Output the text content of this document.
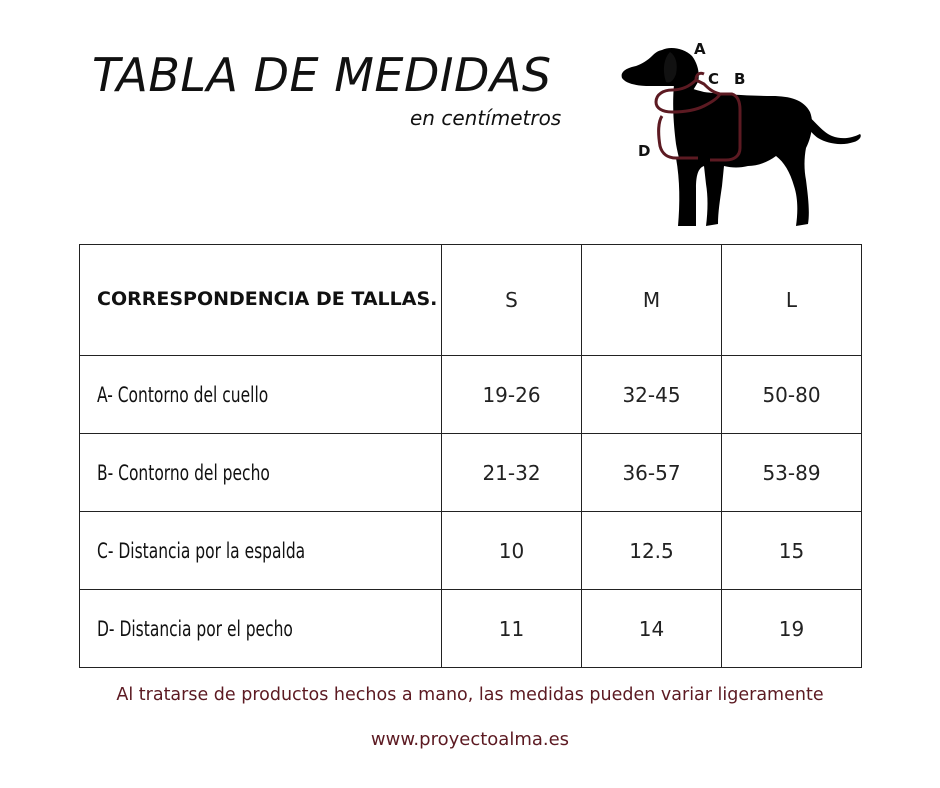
TABLA DE MEDIDAS
en centímetros
A
C B
D
CORRESPONDENCIA DE TALLAS.	S	M	L
A- Contorno del cuello	19-26	32-45	50-80
B- Contorno del pecho	21-32	36-57	53-89
C- Distancia por la espalda	10	12.5	15
D- Distancia por el pecho	11	14	19
Al tratarse de productos hechos a mano, las medidas pueden variar ligeramente
www.proyectoalma.es
